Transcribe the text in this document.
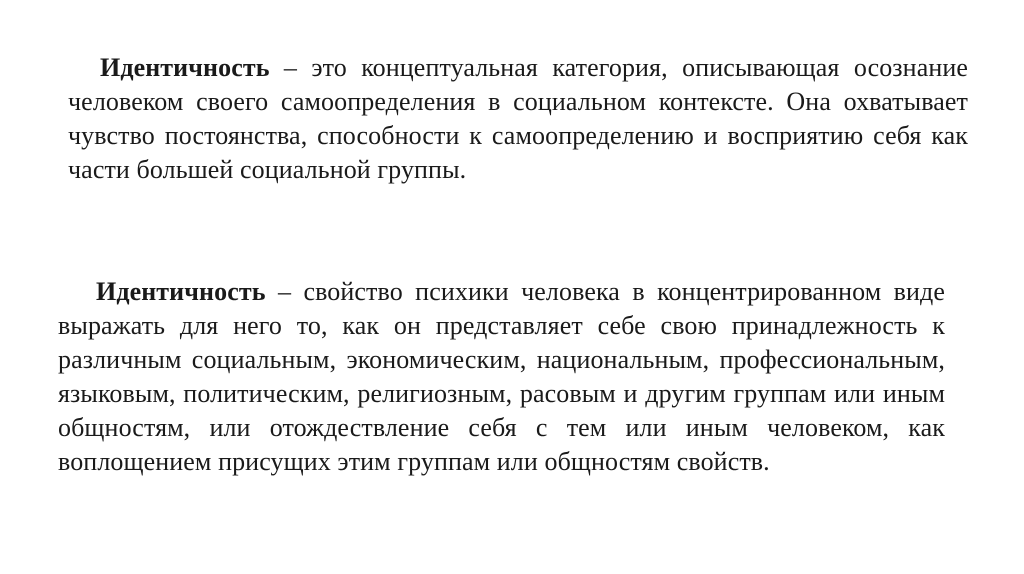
Идентичность – это концептуальная категория, описывающая осознание человеком своего самоопределения в социальном контексте. Она охватывает чувство постоянства, способности к самоопределению и восприятию себя как части большей социальной группы.

Идентичность – свойство психики человека в концентрированном виде выражать для него то, как он представляет себе свою принадлежность к различным социальным, экономическим, национальным, профессиональным, языковым, политическим, религиозным, расовым и другим группам или иным общностям, или отождествление себя с тем или иным человеком, как воплощением присущих этим группам или общностям свойств.
